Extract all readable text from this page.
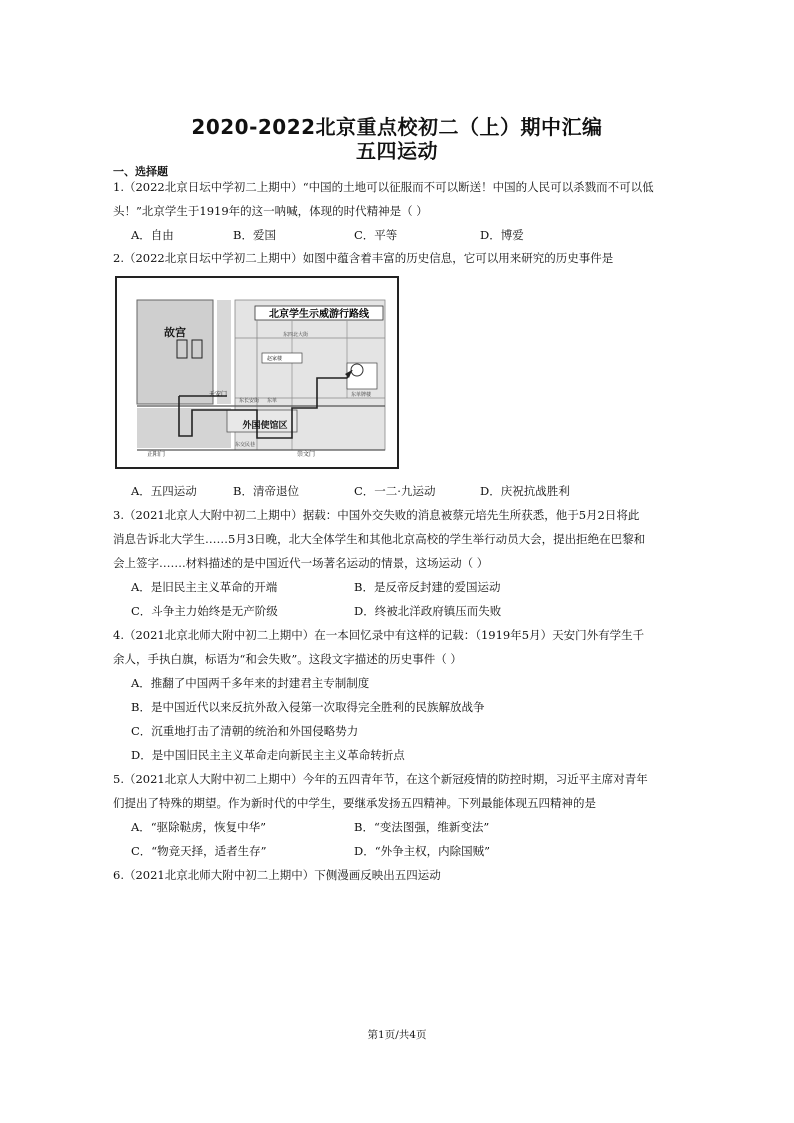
2020-2022北京重点校初二（上）期中汇编
五四运动
一、选择题
1.（2022北京日坛中学初二上期中）“中国的土地可以征服而不可以断送！中国的人民可以杀戮而不可以低
头！”北京学生于1919年的这一呐喊，体现的时代精神是（ ）
A．自由	B．爱国	C．平等	D．博爱
2.（2022北京日坛中学初二上期中）如图中蕴含着丰富的历史信息，它可以用来研究的历史事件是
北京学生示威游行路线
故宫
天安门
外国使馆区
正阳门	崇文门
赵家楼
东长安街 东单
东交民巷
东单牌楼
东四北大街
A．五四运动	B．清帝退位	C．一二·九运动	D．庆祝抗战胜利
3.（2021北京人大附中初二上期中）据载：中国外交失败的消息被蔡元培先生所获悉，他于5月2日将此
消息告诉北大学生……5月3日晚，北大全体学生和其他北京高校的学生举行动员大会，提出拒绝在巴黎和
会上签字…….材料描述的是中国近代一场著名运动的情景，这场运动（ ）
A．是旧民主主义革命的开端	B．是反帝反封建的爱国运动
C．斗争主力始终是无产阶级	D．终被北洋政府镇压而失败
4.（2021北京北师大附中初二上期中）在一本回忆录中有这样的记载：（1919年5月）天安门外有学生千
余人，手执白旗，标语为“和会失败”。这段文字描述的历史事件（ ）
A．推翻了中国两千多年来的封建君主专制制度
B．是中国近代以来反抗外敌入侵第一次取得完全胜利的民族解放战争
C．沉重地打击了清朝的统治和外国侵略势力
D．是中国旧民主主义革命走向新民主主义革命转折点
5.（2021北京人大附中初二上期中）今年的五四青年节，在这个新冠疫情的防控时期，习近平主席对青年
们提出了特殊的期望。作为新时代的中学生，要继承发扬五四精神。下列最能体现五四精神的是
A．“驱除鞑虏，恢复中华”	B．“变法图强，维新变法”
C．“物竞天择，适者生存”	D．“外争主权，内除国贼”
6.（2021北京北师大附中初二上期中）下侧漫画反映出五四运动
第1页/共4页
